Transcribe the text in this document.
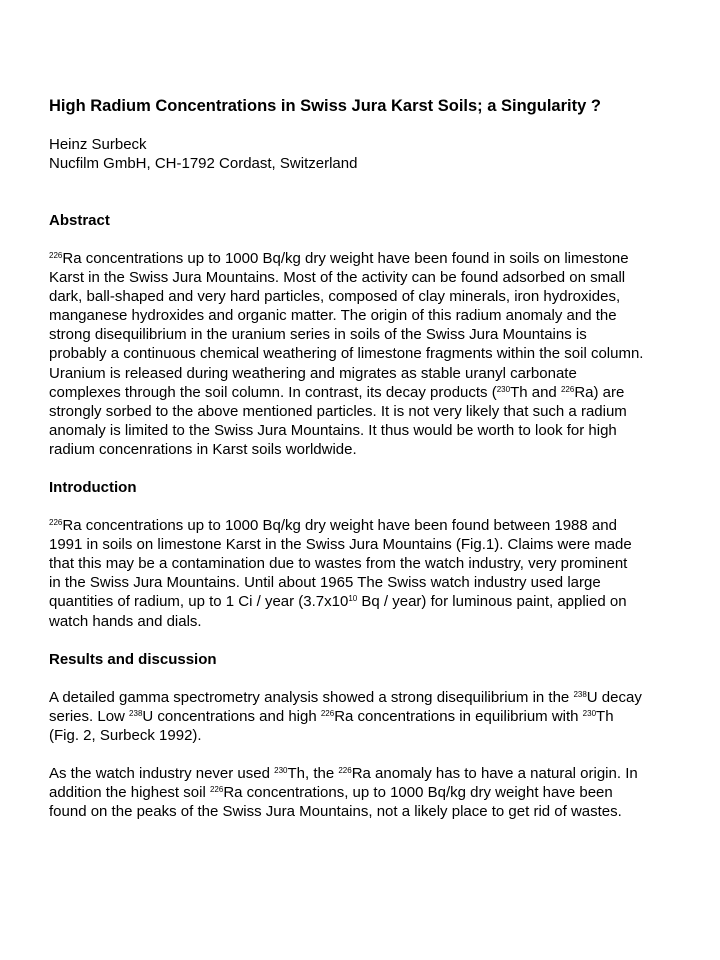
High Radium Concentrations in Swiss Jura Karst Soils; a Singularity ?
Heinz Surbeck
Nucfilm GmbH, CH-1792 Cordast, Switzerland
Abstract

$^{226}$Ra concentrations up to 1000 Bq/kg dry weight have been found in soils on limestone
Karst in the Swiss Jura Mountains. Most of the activity can be found adsorbed on small
dark, ball-shaped and very hard particles, composed of clay minerals, iron hydroxides,
manganese hydroxides and organic matter. The origin of this radium anomaly and the
strong disequilibrium in the uranium series in soils of the Swiss Jura Mountains is
probably a continuous chemical weathering of limestone fragments within the soil column.
Uranium is released during weathering and migrates as stable uranyl carbonate
complexes through the soil column. In contrast, its decay products ($^{230}$Th and $^{226}$Ra) are
strongly sorbed to the above mentioned particles. It is not very likely that such a radium
anomaly is limited to the Swiss Jura Mountains. It thus would be worth to look for high
radium concenrations in Karst soils worldwide.

Introduction

$^{226}$Ra concentrations up to 1000 Bq/kg dry weight have been found between 1988 and
1991 in soils on limestone Karst in the Swiss Jura Mountains (Fig.1). Claims were made
that this may be a contamination due to wastes from the watch industry, very prominent
in the Swiss Jura Mountains. Until about 1965 The Swiss watch industry used large
quantities of radium, up to 1 Ci / year ($3.7x10^{10}$ Bq / year) for luminous paint, applied on
watch hands and dials.

Results and discussion

A detailed gamma spectrometry analysis showed a strong disequilibrium in the $^{238}$U decay
series. Low $^{238}$U concentrations and high $^{226}$Ra concentrations in equilibrium with $^{230}$Th
(Fig. 2, Surbeck 1992).

As the watch industry never used $^{230}$Th, the $^{226}$Ra anomaly has to have a natural origin. In
addition the highest soil $^{226}$Ra concentrations, up to 1000 Bq/kg dry weight have been
found on the peaks of the Swiss Jura Mountains, not a likely place to get rid of wastes.
